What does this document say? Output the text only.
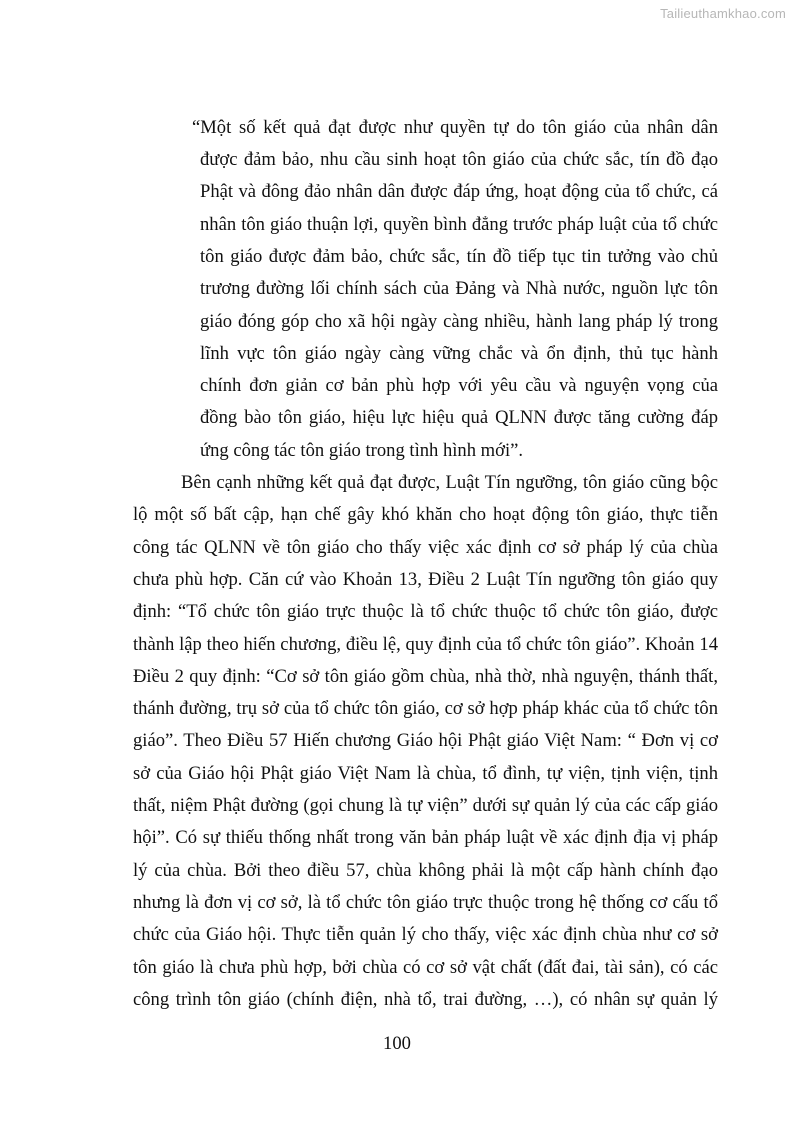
Tailieuthamkhao.com
“Một số kết quả đạt được như quyền tự do tôn giáo của nhân dân
được đảm bảo, nhu cầu sinh hoạt tôn giáo của chức sắc, tín đồ đạo
Phật và đông đảo nhân dân được đáp ứng, hoạt động của tổ chức, cá
nhân tôn giáo thuận lợi, quyền bình đẳng trước pháp luật của tổ chức
tôn giáo được đảm bảo, chức sắc, tín đồ tiếp tục tin tưởng vào chủ
trương đường lối chính sách của Đảng và Nhà nước, nguồn lực tôn
giáo đóng góp cho xã hội ngày càng nhiều, hành lang pháp lý trong
lĩnh vực tôn giáo ngày càng vững chắc và ổn định, thủ tục hành
chính đơn giản cơ bản phù hợp với yêu cầu và nguyện vọng của
đồng bào tôn giáo, hiệu lực hiệu quả QLNN được tăng cường đáp
ứng công tác tôn giáo trong tình hình mới”.
Bên cạnh những kết quả đạt được, Luật Tín ngưỡng, tôn giáo cũng bộc
lộ một số bất cập, hạn chế gây khó khăn cho hoạt động tôn giáo, thực tiễn
công tác QLNN về tôn giáo cho thấy việc xác định cơ sở pháp lý của chùa
chưa phù hợp. Căn cứ vào Khoản 13, Điều 2 Luật Tín ngưỡng tôn giáo quy
định: “Tổ chức tôn giáo trực thuộc là tổ chức thuộc tổ chức tôn giáo, được
thành lập theo hiến chương, điều lệ, quy định của tổ chức tôn giáo”. Khoản 14
Điều 2 quy định: “Cơ sở tôn giáo gồm chùa, nhà thờ, nhà nguyện, thánh thất,
thánh đường, trụ sở của tổ chức tôn giáo, cơ sở hợp pháp khác của tổ chức tôn
giáo”. Theo Điều 57 Hiến chương Giáo hội Phật giáo Việt Nam: “ Đơn vị cơ
sở của Giáo hội Phật giáo Việt Nam là chùa, tổ đình, tự viện, tịnh viện, tịnh
thất, niệm Phật đường (gọi chung là tự viện” dưới sự quản lý của các cấp giáo
hội”. Có sự thiếu thống nhất trong văn bản pháp luật về xác định địa vị pháp
lý của chùa. Bởi theo điều 57, chùa không phải là một cấp hành chính đạo
nhưng là đơn vị cơ sở, là tổ chức tôn giáo trực thuộc trong hệ thống cơ cấu tổ
chức của Giáo hội. Thực tiễn quản lý cho thấy, việc xác định chùa như cơ sở
tôn giáo là chưa phù hợp, bởi chùa có cơ sở vật chất (đất đai, tài sản), có các
công trình tôn giáo (chính điện, nhà tổ, trai đường, …), có nhân sự quản lý
100
